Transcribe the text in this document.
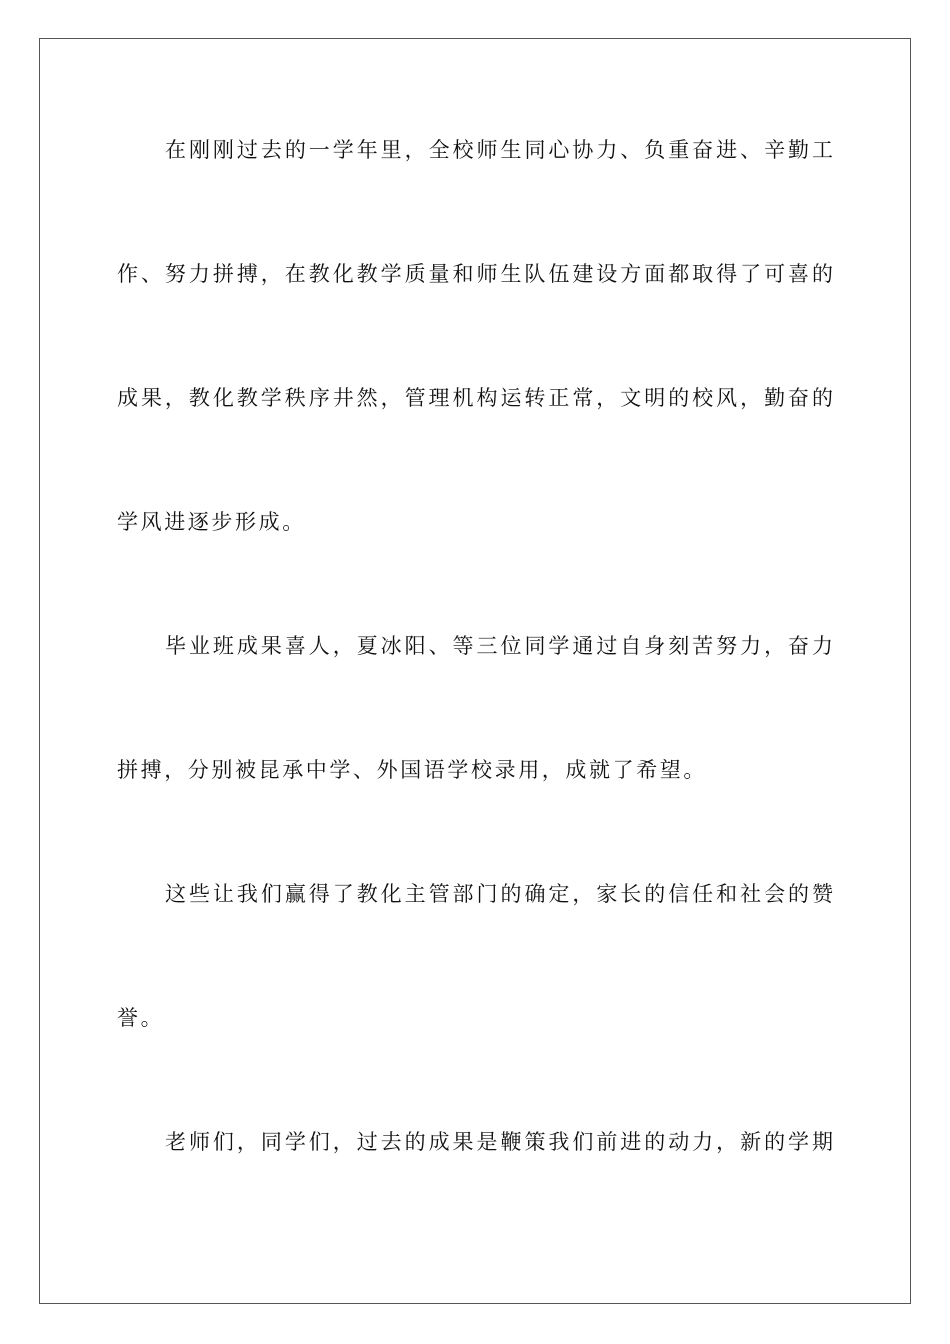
在刚刚过去的一学年里，全校师生同心协力、负重奋进、辛勤工
作、努力拼搏，在教化教学质量和师生队伍建设方面都取得了可喜的
成果，教化教学秩序井然，管理机构运转正常，文明的校风，勤奋的
学风进逐步形成。
毕业班成果喜人，夏冰阳、等三位同学通过自身刻苦努力，奋力
拼搏，分别被昆承中学、外国语学校录用，成就了希望。
这些让我们赢得了教化主管部门的确定，家长的信任和社会的赞
誉。
老师们，同学们，过去的成果是鞭策我们前进的动力，新的学期
